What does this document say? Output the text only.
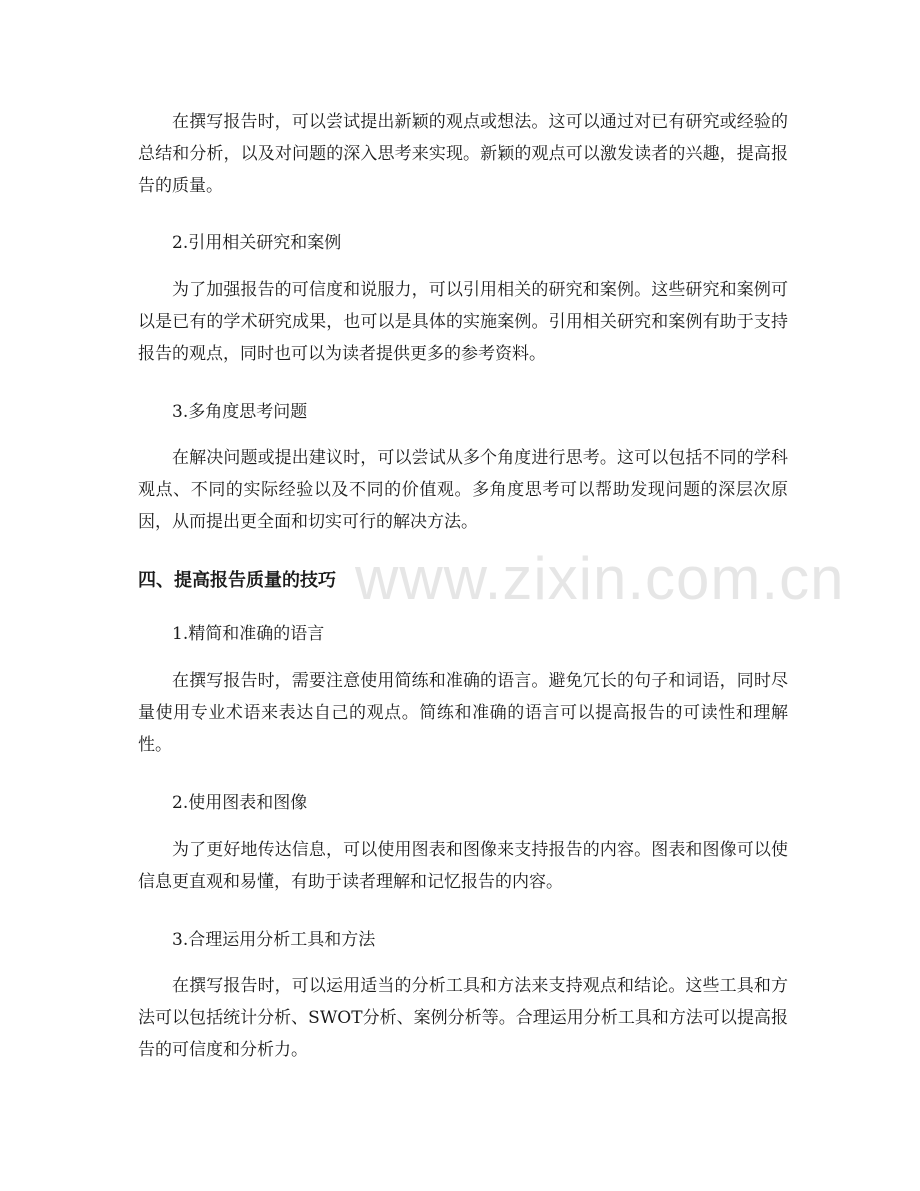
在撰写报告时，可以尝试提出新颖的观点或想法。这可以通过对已有研究或经验的总结和分析，以及对问题的深入思考来实现。新颖的观点可以激发读者的兴趣，提高报告的质量。

2.引用相关研究和案例

为了加强报告的可信度和说服力，可以引用相关的研究和案例。这些研究和案例可以是已有的学术研究成果，也可以是具体的实施案例。引用相关研究和案例有助于支持报告的观点，同时也可以为读者提供更多的参考资料。

3.多角度思考问题

在解决问题或提出建议时，可以尝试从多个角度进行思考。这可以包括不同的学科观点、不同的实际经验以及不同的价值观。多角度思考可以帮助发现问题的深层次原因，从而提出更全面和切实可行的解决方法。

四、提高报告质量的技巧

1.精简和准确的语言

在撰写报告时，需要注意使用简练和准确的语言。避免冗长的句子和词语，同时尽量使用专业术语来表达自己的观点。简练和准确的语言可以提高报告的可读性和理解性。

2.使用图表和图像

为了更好地传达信息，可以使用图表和图像来支持报告的内容。图表和图像可以使信息更直观和易懂，有助于读者理解和记忆报告的内容。

3.合理运用分析工具和方法

在撰写报告时，可以运用适当的分析工具和方法来支持观点和结论。这些工具和方法可以包括统计分析、SWOT分析、案例分析等。合理运用分析工具和方法可以提高报告的可信度和分析力。

www.zixin.com.cn
